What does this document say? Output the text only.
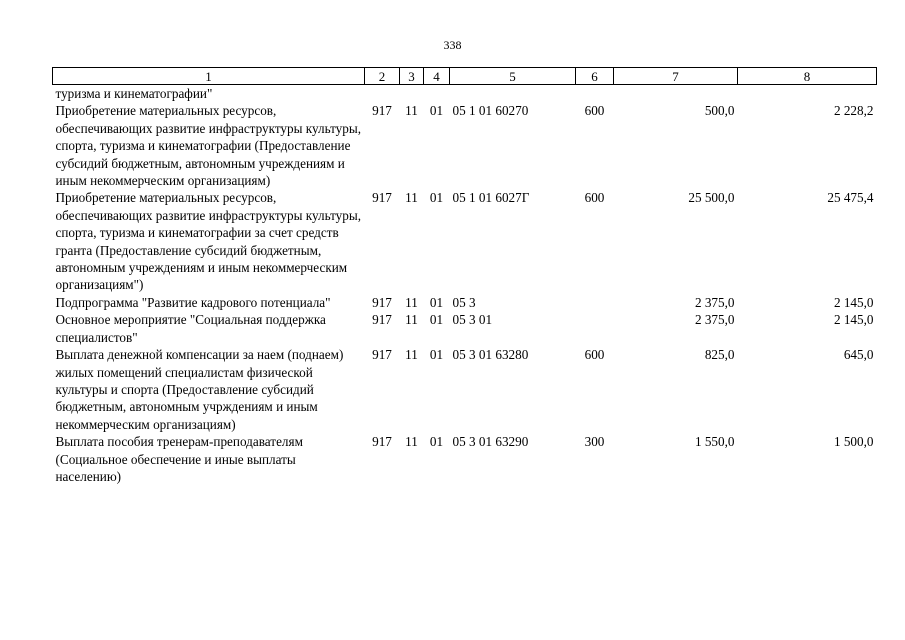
338
1	2	3	4	5	6	7	8
туризма и кинематографии"							
Приобретение материальных ресурсов, обеспечивающих развитие инфраструктуры культуры, спорта, туризма и кинематографии (Предоставление субсидий бюджетным, автономным учреждениям и иным некоммерческим организациям)	917	11	01	05 1 01 60270	600	500,0	2 228,2
Приобретение материальных ресурсов, обеспечивающих развитие инфраструктуры культуры, спорта, туризма и кинематографии за счет средств гранта (Предоставление субсидий бюджетным, автономным учреждениям и иным некоммерческим организациям")	917	11	01	05 1 01 6027Г	600	25 500,0	25 475,4
Подпрограмма "Развитие кадрового потенциала"	917	11	01	05 3		2 375,0	2 145,0
Основное мероприятие "Социальная поддержка специалистов"	917	11	01	05 3 01		2 375,0	2 145,0
Выплата денежной компенсации за наем (поднаем) жилых помещений специалистам физической культуры и спорта (Предоставление субсидий бюджетным, автономным учрждениям и иным некоммерческим организациям)	917	11	01	05 3 01 63280	600	825,0	645,0
Выплата пособия тренерам-преподавателям (Социальное обеспечение и иные выплаты населению)	917	11	01	05 3 01 63290	300	1 550,0	1 500,0
